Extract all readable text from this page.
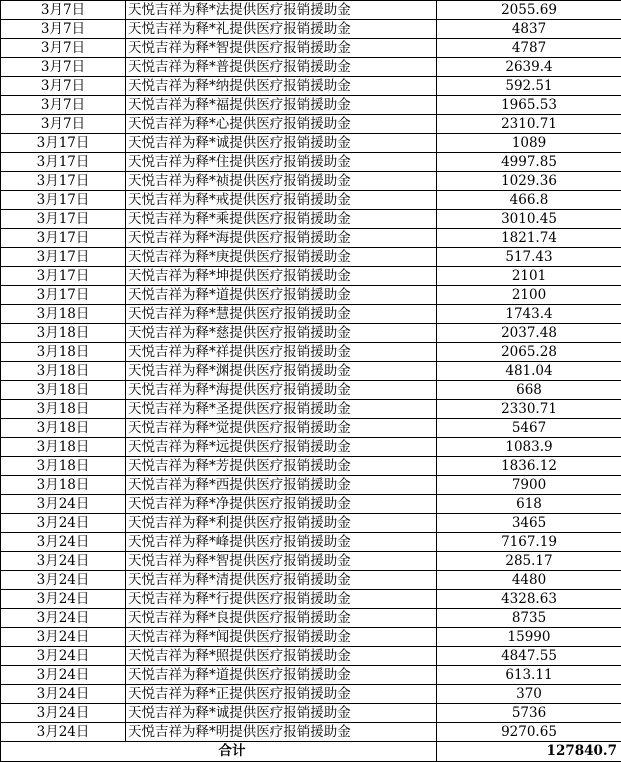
3月7日	天悦吉祥为释*法提供医疗报销援助金	2055.69
3月7日	天悦吉祥为释*礼提供医疗报销援助金	4837
3月7日	天悦吉祥为释*智提供医疗报销援助金	4787
3月7日	天悦吉祥为释*普提供医疗报销援助金	2639.4
3月7日	天悦吉祥为释*纳提供医疗报销援助金	592.51
3月7日	天悦吉祥为释*福提供医疗报销援助金	1965.53
3月7日	天悦吉祥为释*心提供医疗报销援助金	2310.71
3月17日	天悦吉祥为释*诚提供医疗报销援助金	1089
3月17日	天悦吉祥为释*住提供医疗报销援助金	4997.85
3月17日	天悦吉祥为释*祯提供医疗报销援助金	1029.36
3月17日	天悦吉祥为释*戒提供医疗报销援助金	466.8
3月17日	天悦吉祥为释*乘提供医疗报销援助金	3010.45
3月17日	天悦吉祥为释*海提供医疗报销援助金	1821.74
3月17日	天悦吉祥为释*庚提供医疗报销援助金	517.43
3月17日	天悦吉祥为释*坤提供医疗报销援助金	2101
3月17日	天悦吉祥为释*道提供医疗报销援助金	2100
3月18日	天悦吉祥为释*慧提供医疗报销援助金	1743.4
3月18日	天悦吉祥为释*慈提供医疗报销援助金	2037.48
3月18日	天悦吉祥为释*祥提供医疗报销援助金	2065.28
3月18日	天悦吉祥为释*渊提供医疗报销援助金	481.04
3月18日	天悦吉祥为释*海提供医疗报销援助金	668
3月18日	天悦吉祥为释*圣提供医疗报销援助金	2330.71
3月18日	天悦吉祥为释*觉提供医疗报销援助金	5467
3月18日	天悦吉祥为释*远提供医疗报销援助金	1083.9
3月18日	天悦吉祥为释*芳提供医疗报销援助金	1836.12
3月18日	天悦吉祥为释*西提供医疗报销援助金	7900
3月24日	天悦吉祥为释*净提供医疗报销援助金	618
3月24日	天悦吉祥为释*利提供医疗报销援助金	3465
3月24日	天悦吉祥为释*峰提供医疗报销援助金	7167.19
3月24日	天悦吉祥为释*智提供医疗报销援助金	285.17
3月24日	天悦吉祥为释*清提供医疗报销援助金	4480
3月24日	天悦吉祥为释*行提供医疗报销援助金	4328.63
3月24日	天悦吉祥为释*良提供医疗报销援助金	8735
3月24日	天悦吉祥为释*闻提供医疗报销援助金	15990
3月24日	天悦吉祥为释*照提供医疗报销援助金	4847.55
3月24日	天悦吉祥为释*道提供医疗报销援助金	613.11
3月24日	天悦吉祥为释*正提供医疗报销援助金	370
3月24日	天悦吉祥为释*诚提供医疗报销援助金	5736
3月24日	天悦吉祥为释*明提供医疗报销援助金	9270.65
合计		127840.7
